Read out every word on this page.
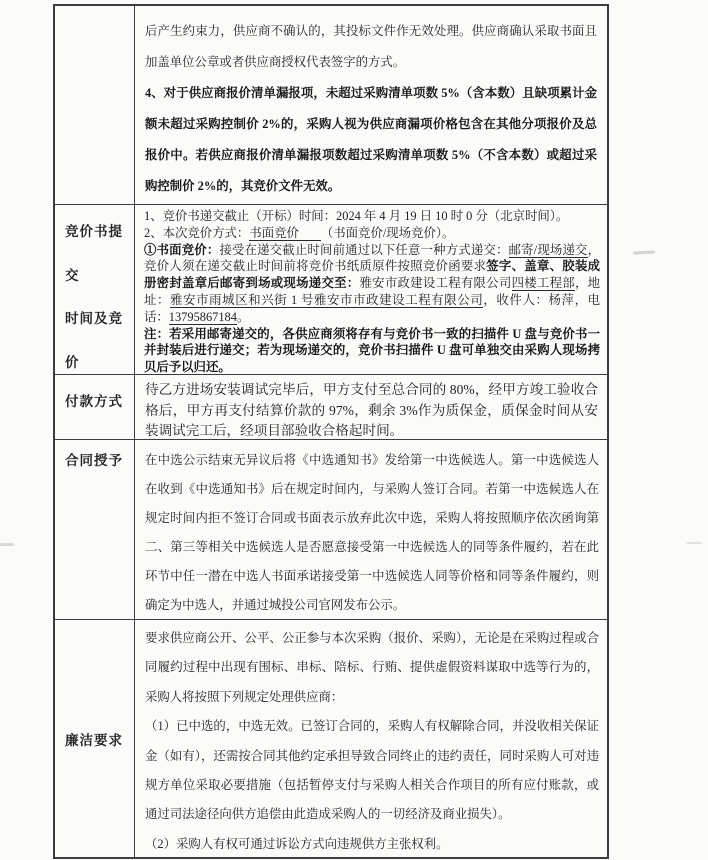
后产生约束力，供应商不确认的，其投标文件作无效处理。供应商确认采取书面且加盖单位公章或者供应商授权代表签字的方式。

4、对于供应商报价清单漏报项，未超过采购清单项数 5%（含本数）且缺项累计金额未超过采购控制价 2%的，采购人视为供应商漏项价格包含在其他分项报价及总报价中。若供应商报价清单漏报项数超过采购清单项数 5%（不含本数）或超过采购控制价 2%的，其竞价文件无效。

竞价书提交
时间及竞价

1、竞价书递交截止（开标）时间：2024 年 4 月 19 日 10 时 0 分（北京时间）。

2、本次竞价方式：书面竞价 （书面竞价/现场竞价）。

①书面竞价：接受在递交截止时间前通过以下任意一种方式递交：邮寄/现场递交，竞价人须在递交截止时间前将竞价书纸质原件按照竞价函要求签字、盖章、胶装成册密封盖章后邮寄到场或现场递交至：雅安市政建设工程有限公司四楼工程部，地址：雅安市雨城区和兴街 1 号雅安市市政建设工程有限公司，收件人：杨萍，电话：13795867184。

注：若采用邮寄递交的，各供应商须将存有与竞价书一致的扫描件 U 盘与竞价书一并封装后进行递交；若为现场递交的，竞价书扫描件 U 盘可单独交由采购人现场拷贝后予以归还。

付款方式

待乙方进场安装调试完毕后，甲方支付至总合同的 80%，经甲方竣工验收合格后，甲方再支付结算价款的 97%，剩余 3%作为质保金，质保金时间从安装调试完工后，经项目部验收合格起时间。

合同授予	在中选公示结束无异议后将《中选通知书》发给第一中选候选人。第一中选候选人在收到《中选通知书》后在规定时间内，与采购人签订合同。若第一中选候选人在规定时间内拒不签订合同或书面表示放弃此次中选，采购人将按照顺序依次函询第二、第三等相关中选候选人是否愿意接受第一中选候选人的同等条件履约，若在此环节中任一潜在中选人书面承诺接受第一中选候选人同等价格和同等条件履约，则确定为中选人，并通过城投公司官网发布公示。

廉洁要求

要求供应商公开、公平、公正参与本次采购（报价、采购），无论是在采购过程或合同履约过程中出现有围标、串标、陪标、行贿、提供虚假资料谋取中选等行为的，采购人将按照下列规定处理供应商：

（1）已中选的，中选无效。已签订合同的，采购人有权解除合同，并没收相关保证金（如有），还需按合同其他约定承担导致合同终止的违约责任，同时采购人可对违规方单位采取必要措施（包括暂停支付与采购人相关合作项目的所有应付账款，或通过司法途径向供方追偿由此造成采购人的一切经济及商业损失）。

（2）采购人有权可通过诉讼方式向违规供方主张权利。
